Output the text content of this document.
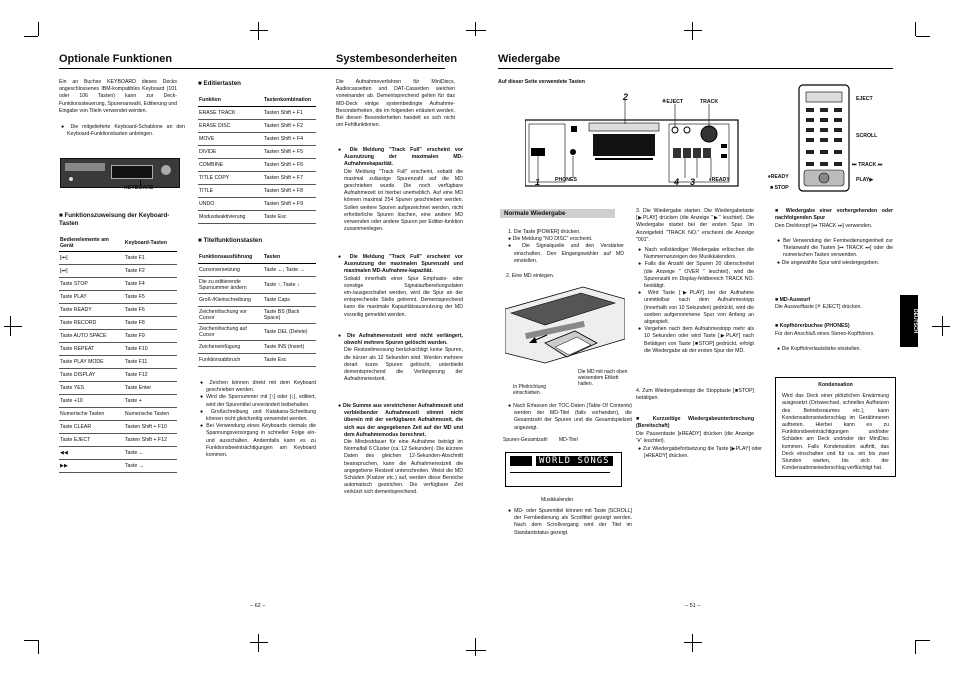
Optionale Funktionen
Ein an Buchse KEYBOARD dieses Decks angeschlossenes IBM-kompatibles Keyboard (101 oder 106 Tasten) kann zur Deck-Funktionssteuerung, Spurenanwahl, Editierung und Eingabe von Titeln verwendet werden.
● Die mitgelieferte Keyboard-Schablone an den Keyboard-Funktionstasten anbringen.
KEYBOARD
■ Funktionszuweisung der Keyboard-Tasten
Bedienelemente am Gerät	Keyboard-Tasten
[⏮]	Taste F1
[⏭]	Taste F2
Taste STOP	Taste F4
Taste PLAY	Taste F5
Taste READY	Taste F6
Taste RECORD	Taste F8
Taste AUTO SPACE	Taste F9
Taste REPEAT	Taste F10
Taste PLAY MODE	Taste F11
Taste DISPLAY	Taste F12
Taste YES	Taste Enter
Taste +10	Taste +
Numerische Tasten	Numerische Tasten
Taste CLEAR	Tasten Shift + F10
Taste EJECT	Tasten Shift + F12
◀◀	Taste ←
▶▶	Taste →
■ Editiertasten
Funktion	Tastenkombination
ERASE TRACK	Tasten Shift + F1
ERASE DISC	Tasten Shift + F2
MOVE	Tasten Shift + F4
DIVIDE	Tasten Shift + F5
COMBINE	Tasten Shift + F6
TITLE COPY	Tasten Shift + F7
TITLE	Tasten Shift + F8
UNDO	Tasten Shift + F9
Modusdeaktivierung	Taste Esc
■ Titelfunktionstasten
Funktionsausführung	Tasten
Cursorversetzung	Taste ←, Taste →
Die zu editierende Spurnummer ändern	Taste ↑, Taste ↓
Groß-/Kleinschreibung	Taste Caps
Zeichenlöschung vor Cursor	Taste BS (Back Space)
Zeichenlöschung auf Cursor	Taste DEL (Delete)
Zeicheneinfügung	Taste INS (Insert)
Funktionsabbruch	Taste Esc
● Zeichen können direkt mit dem Keyboard geschrieben werden.
● Wird die Spurnummer mit [↑] oder [↓], editiert, wird der Spurentitel unverändert beibehalten.
● Großschreibung und Katakana-Schreibung können nicht gleichzeitig verwendet werden.
● Bei Verwendung eines Keyboards niemals die Spannungsversorgung in schneller Folge ein- und ausschalten. Andernfalls kann es zu Funktionsbeeinträchtigungen am Keyboard kommen.
– 62 –
Systembesonderheiten
Die Aufnahmeverfahren für MiniDiscs, Audiocassetten und DAT-Cassetten weichen voneinander ab. Dementsprechend gelten für das MD-Deck einige systembedingte Aufnahme-Besonderheiten, die im folgenden erläutert werden. Bei diesen Besonderheiten handelt es sich nicht um Fehlfunktionen.
● Die Meldung "Track Full" erscheint vor Ausnutzung der maximalen MD-Aufnahmekapazität.
Die Meldung "Track Full" erscheint, sobald die maximal zulässige Spurenzahl auf die MD geschrieben wurde. Die noch verfügbare Aufnahmezeit ist hierbei unerheblich. Auf eine MD können maximal 254 Spuren geschrieben werden. Sollen weitere Spuren aufgezeichnet werden, nicht erforderliche Spuren löschen, eine andere MD verwenden oder andere Spuren per Editier-funktion zusammenlegen.
● Die Meldung "Track Full" erscheint vor Ausnutzung der maximalen Spurenzahl und maximalen MD-Aufnahme-kapazität.
Sobald innerhalb einer Spur Emphasis- oder sonstige Signalaufbereitungsdaten ein-/ausgeschaltet werden, wird die Spur an der entsprechende Stelle getrennt. Dementsprechend kann die maximale Kapazitätsausnutzung der MD vorzeitig gemeldet werden.
● Die Aufnahmerestzeit wird nicht verlängert, obwohl mehrere Spuren gelöscht wurden.
Die Restzeitmessung berücksichtigt keine Spuren, die kürzer als 12 Sekunden sind. Werden mehrere derart kurze Spuren gelöscht, unterbleibt dementsprechend die Verlängerung der Aufnahmerestzeit.
● Die Summe aus verstrichener Aufnahmezeit und verbleibender Aufnahmezeit stimmt nicht überein mit der verfügbaren Aufnahmezeit, die sich aus der angegebenen Zeit auf der MD und dem Aufnahmemodus berechnet.
Die Mindestdauer für eine Aufnahme beträgt im Normalfall 6 Cluster (ca. 12 Sekunden). Die kürzere Daten des gleichen 12-Sekunden-Abschnitt beanspruchen, kann die Aufnahmerestzeit die angegebene Restzeit unterschreiten. Weist die MD Schäden (Kratzer etc.) auf, werden diese Bereiche automatisch gestrichen. Die verfügbare Zeit verkürzt sich dementsprechend.
Wiedergabe
Auf dieser Seite verwendete Tasten
2	≜EJECT	TRACK
1	PHONES	4 3	⏸READY
EJECT
SCROLL
⏮ TRACK ⏭
⏸READY	PLAY▶
■ STOP
Normale Wiedergabe
1. Die Taste [POWER] drücken.
● Die Meldung "NO DISC" erscheint.
● Die Signalquelle und den Verstärker einschalten. Den Eingangswähler auf MD einstellen.
2. Eine MD einlegen.
Die MD mit nach oben weisendem Etikett halten.
In Pfeilrichtung einschieben.
● Nach Erfassen der TOC-Daten (Table Of Contents) werden der MD-Titel (falls vorhanden), die Gesamtzahl der Spuren und die Gesamtspielzeit angezeigt.
Spuren-Gesamtzahl MD-Titel
WORLD SONGS
Musikkalender
● MD- oder Spurentitel können mit Taste [SCROLL] der Fernbedienung als Scrolltitel gezeigt werden. Nach dem Scrollvorgang wird der Titel im Standardstatus gezeigt.
3. Die Wiedergabe starten. Die Wiedergabetaste [▶PLAY] drücken (die Anzeige "▶" leuchtet). Die Wiedergabe startet bei der ersten Spur. Im Anzeigefeld "TRACK NO." erscheint die Anzeige "001".
● Nach vollständiger Wiedergabe erlöschen die Nummernanzeigen des Musikkalenders.
● Falls die Anzahl der Spuren 20 überschreitet (die Anzeige " OVER " leuchtet), wird die Spurenzahl im Display-feldbereich TRACK NO. bestätigt.
● Wird Taste [▶PLAY] bei der Aufnahme unmittelbar nach dem Aufnahmestopp (innerhalb von 10 Sekunden) gedrückt, wird die soeben aufgenommene Spur von Anfang an abgespielt.
● Vergehen nach dem Aufnahmestopp mehr als 10 Sekunden oder wird Taste [▶PLAY] nach Betätigen von Taste [■STOP] gedrückt, erfolgt die Wiedergabe ab der ersten Spur der MD.
4. Zum Wiedergabestopp die Stopptaste [■STOP] betätigen.
■ Kurzzeitige Wiedergabeunterbrechung (Bereitschaft)
Die Pausentaste [⏸READY] drücken (die Anzeige "⏸" leuchtet).
● Zur Wiedergabefortsetzung die Taste [▶PLAY] oder [⏸READY] drücken.
■ Wiedergabe einer vorhergehenden oder nachfolgenden Spur
Den Drehknopf [⏮ TRACK ⏭] verwenden.
● Bei Verwendung der Fernbedienungeinheit zur Titelanwahl die Tasten [⏮ TRACK ⏭] oder die numerischen Tasten verwenden.
● Die angewählte Spur wird wiedergegeben.
■ MD-Auswurf
Die Auswurftaste [≜ EJECT] drücken.
■ Kopfhörerbuchse (PHONES)
Für den Anschluß eines Stereo-Kopfhörers.
● Die Kopfhörerlautstärke einstellen.
Kondensation
Wird das Deck einer plötzlichen Erwärmung ausgesetzt (Ortswechsel, schnelles Aufheizen des Betriebsraumes etc.), kann Kondensationsniederschlag im Gerätinneren auftreten. Hierbei kann es zu Funktionsbeeinträchtigungen und/oder Schäden am Deck und/oder der MiniDisc kommen. Falls Kondensation auftritt, das Deck einschalten und für ca. ein bis zwei Stunden warten, bis sich der Kondensationsniederschlag verflüchtigt hat.
DEUTSCH
– 51 –
